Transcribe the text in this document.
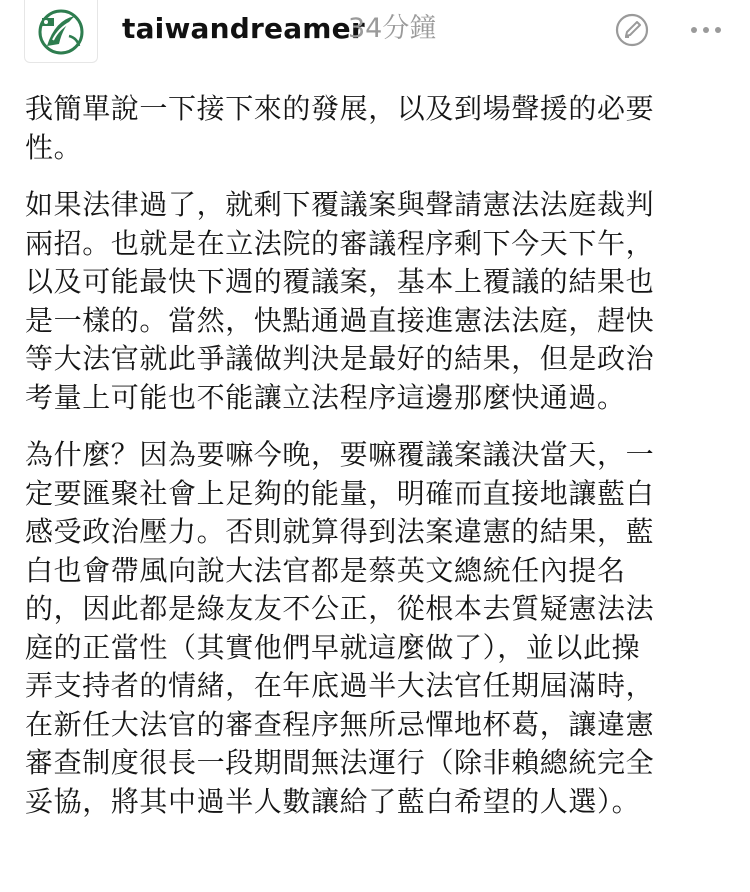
taiwandreamer
34分鐘

我簡單說一下接下來的發展，以及到場聲援的必要
性。

如果法律過了，就剩下覆議案與聲請憲法法庭裁判
兩招。也就是在立法院的審議程序剩下今天下午，
以及可能最快下週的覆議案，基本上覆議的結果也
是一樣的。當然，快點通過直接進憲法法庭，趕快
等大法官就此爭議做判決是最好的結果，但是政治
考量上可能也不能讓立法程序這邊那麼快通過。

為什麼？因為要嘛今晚，要嘛覆議案議決當天，一
定要匯聚社會上足夠的能量，明確而直接地讓藍白
感受政治壓力。否則就算得到法案違憲的結果，藍
白也會帶風向說大法官都是蔡英文總統任內提名
的，因此都是綠友友不公正，從根本去質疑憲法法
庭的正當性（其實他們早就這麼做了），並以此操
弄支持者的情緒，在年底過半大法官任期屆滿時，
在新任大法官的審查程序無所忌憚地杯葛，讓違憲
審查制度很長一段期間無法運行（除非賴總統完全
妥協，將其中過半人數讓給了藍白希望的人選）。
